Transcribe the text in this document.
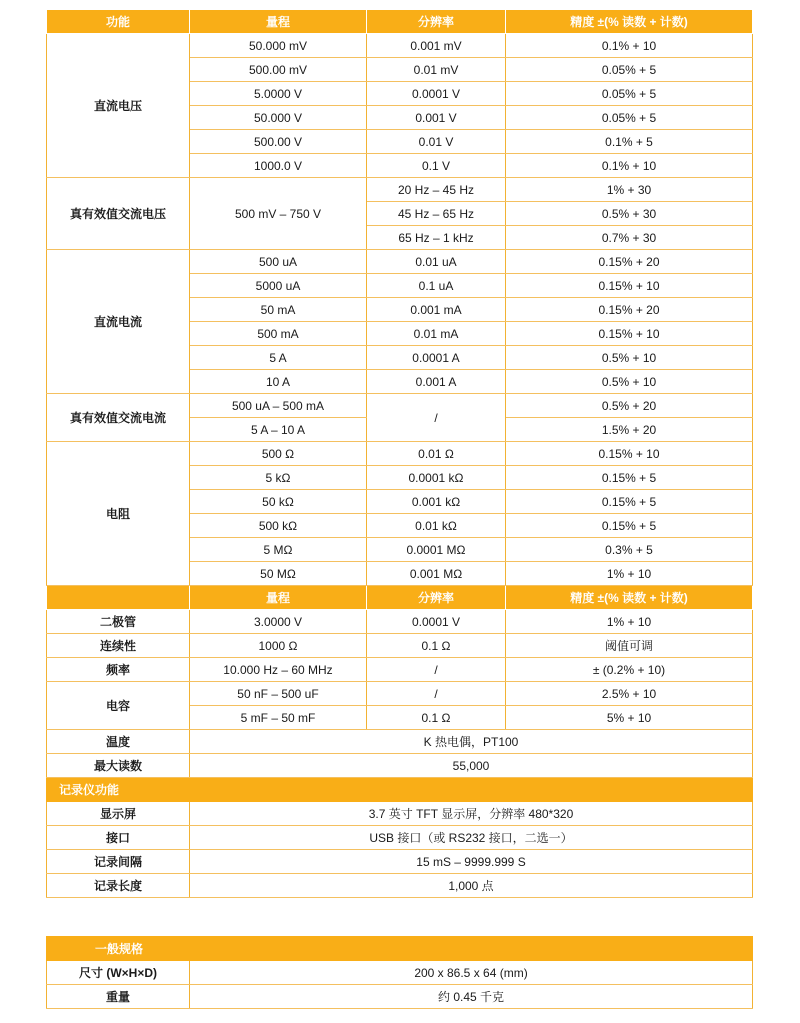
功能	量程	分辨率	精度 ±(% 读数 + 计数)
直流电压	50.000 mV	0.001 mV	0.1% + 10
	500.00 mV	0.01 mV	0.05% + 5
	5.0000 V	0.0001 V	0.05% + 5
	50.000 V	0.001 V	0.05% + 5
	500.00 V	0.01 V	0.1% + 5
	1000.0 V	0.1 V	0.1% + 10
真有效值交流电压	500 mV – 750 V	20 Hz – 45 Hz	1% + 30
		45 Hz – 65 Hz	0.5% + 30
		65 Hz – 1 kHz	0.7% + 30
直流电流	500 uA	0.01 uA	0.15% + 20
	5000 uA	0.1 uA	0.15% + 10
	50 mA	0.001 mA	0.15% + 20
	500 mA	0.01 mA	0.15% + 10
	5 A	0.0001 A	0.5% + 10
	10 A	0.001 A	0.5% + 10
真有效值交流电流	500 uA – 500 mA	/	0.5% + 20
	5 A – 10 A		1.5% + 20
电阻	500 Ω	0.01 Ω	0.15% + 10
	5 kΩ	0.0001 kΩ	0.15% + 5
	50 kΩ	0.001 kΩ	0.15% + 5
	500 kΩ	0.01 kΩ	0.15% + 5
	5 MΩ	0.0001 MΩ	0.3% + 5
	50 MΩ	0.001 MΩ	1% + 10
	量程	分辨率	精度 ±(% 读数 + 计数)
二极管	3.0000 V	0.0001 V	1% + 10
连续性	1000 Ω	0.1 Ω	阈值可调
频率	10.000 Hz – 60 MHz	/	± (0.2% + 10)
电容	50 nF – 500 uF	/	2.5% + 10
	5 mF – 50 mF	0.1 Ω	5% + 10
温度	K 热电偶，PT100		
最大读数	55,000		
记录仪功能			
显示屏	3.7 英寸 TFT 显示屏，分辨率 480*320		
接口	USB 接口（或 RS232 接口，二选一）		
记录间隔	15 mS – 9999.999 S		
记录长度	1,000 点		
一般规格	
尺寸 (W×H×D)	200 x 86.5 x 64 (mm)
重量	约 0.45 千克
